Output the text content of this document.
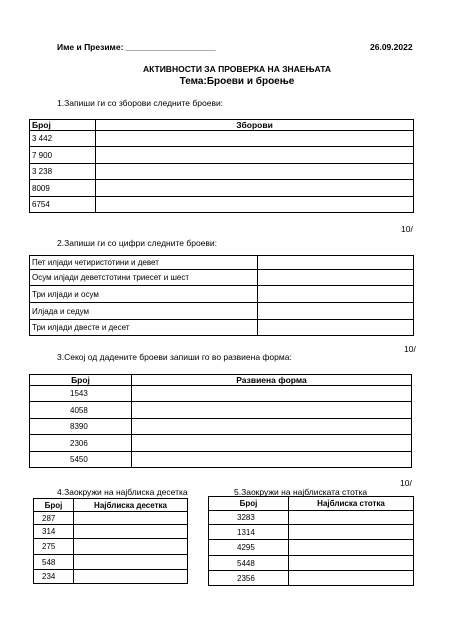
Име и Презиме: ___________________	26.09.2022
АКТИВНОСТИ ЗА ПРОВЕРКА НА ЗНАЕЊАТА
Тема:Броеви и броење
1.Запиши ги со зборови следните броеви:
Број	Зборови
3 442	
7 900	
3 238	
8009	
6754	
10/
2.Запиши ги со цифри следните броеви:
Пет илјади четиристотини и девет	
Осум илјади деветстотини триесет и шест	
Три илјади и осум	
Илјада и седум	
Три илјади двесте и десет	
10/
3.Секој од дадените броеви запиши го во развиена форма:
Број	Развиена форма
1543	
4058	
8390	
2306	
5450	
10/
4.Заокружи на најблиска десетка
Број	Најблиска десетка
287	
314	
275	
548	
234	
5.Заокружи на најблиската стотка
Број	Најблиска стотка
3283	
1314	
4295	
5448	
2356	
